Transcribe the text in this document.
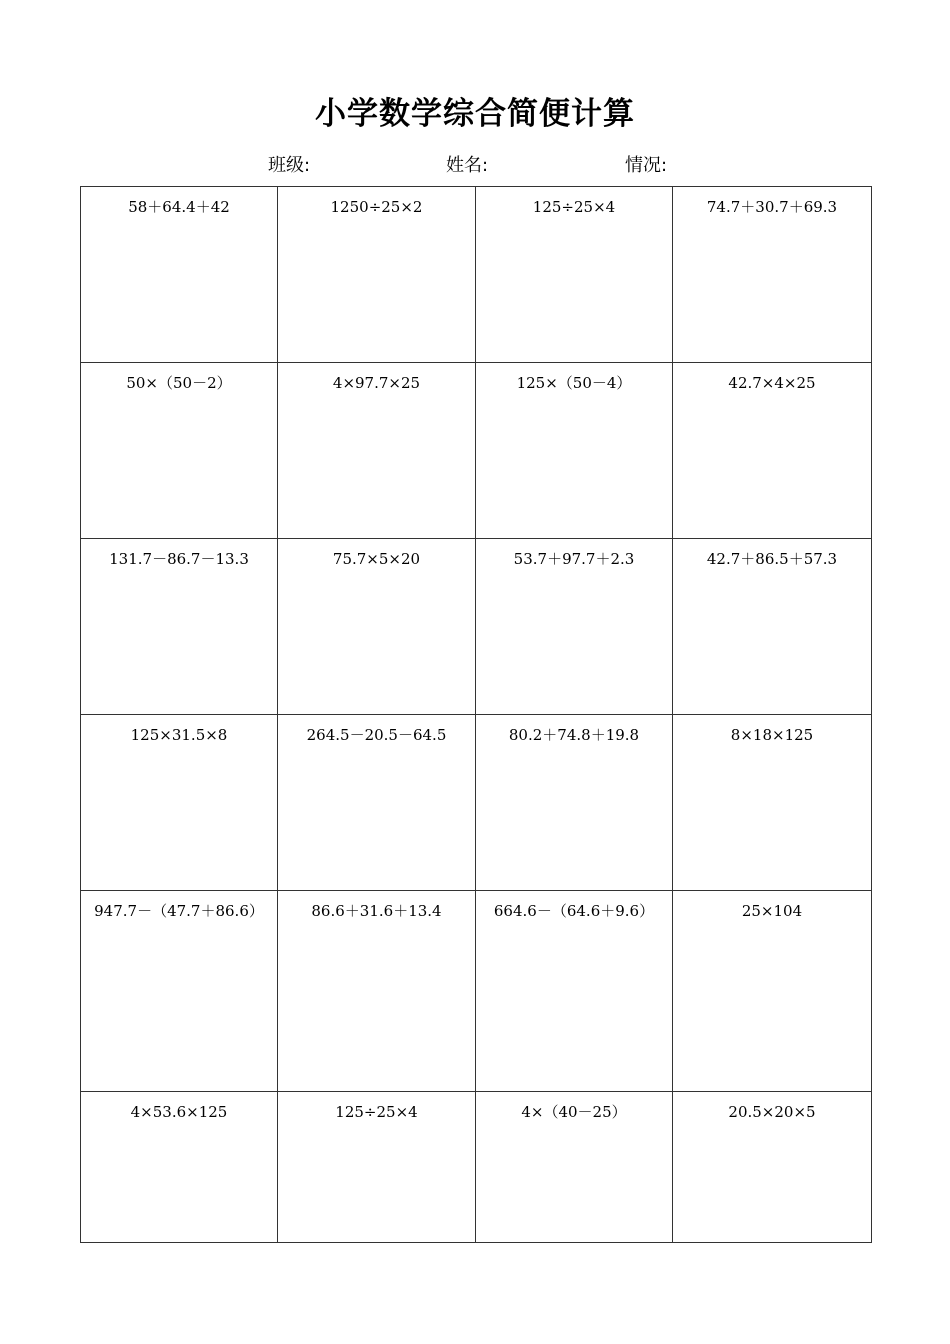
小学数学综合简便计算
班级:	姓名:	情况:
58＋64.4＋42	1250÷25×2	125÷25×4	74.7＋30.7＋69.3
50×（50－2）	4×97.7×25	125×（50－4）	42.7×4×25
131.7－86.7－13.3	75.7×5×20	53.7＋97.7＋2.3	42.7＋86.5＋57.3
125×31.5×8	264.5－20.5－64.5	80.2＋74.8＋19.8	8×18×125
947.7－（47.7＋86.6）	86.6＋31.6＋13.4	664.6－（64.6＋9.6）	25×104
4×53.6×125	125÷25×4	4×（40－25）	20.5×20×5
